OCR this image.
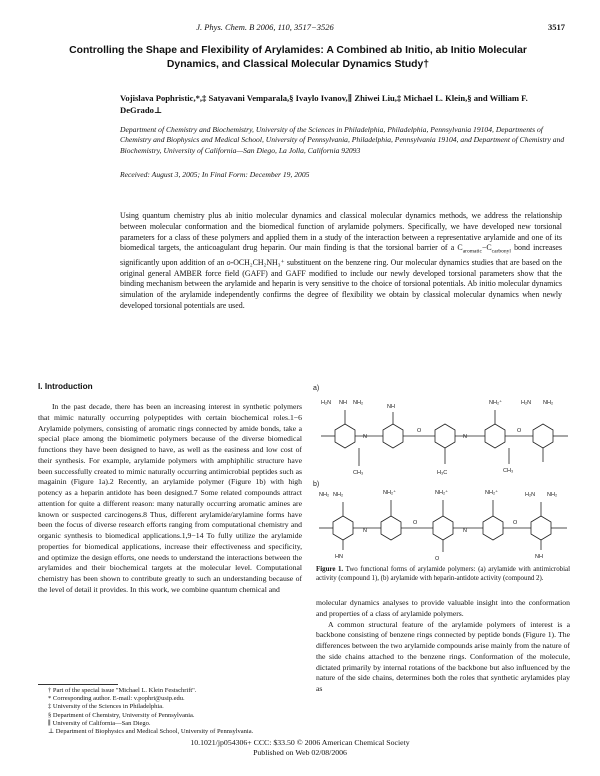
J. Phys. Chem. B 2006, 110, 3517−3526	3517
Controlling the Shape and Flexibility of Arylamides: A Combined ab Initio, ab Initio Molecular Dynamics, and Classical Molecular Dynamics Study†
Vojislava Pophristic,*,‡ Satyavani Vemparala,§ Ivaylo Ivanov,∥ Zhiwei Liu,‡ Michael L. Klein,§ and William F. DeGrado⊥
Department of Chemistry and Biochemistry, University of the Sciences in Philadelphia, Philadelphia, Pennsylvania 19104, Departments of Chemistry and Biophysics and Medical School, University of Pennsylvania, Philadelphia, Pennsylvania 19104, and Department of Chemistry and Biochemistry, University of California—San Diego, La Jolla, California 92093
Received: August 3, 2005; In Final Form: December 19, 2005
Using quantum chemistry plus ab initio molecular dynamics and classical molecular dynamics methods, we address the relationship between molecular conformation and the biomedical function of arylamide polymers. Specifically, we have developed new torsional parameters for a class of these polymers and applied them in a study of the interaction between a representative arylamide and one of its biomedical targets, the anticoagulant drug heparin. Our main finding is that the torsional barrier of a $C_{aromatic}-C_{carbonyl}$ bond increases significantly upon addition of an o-OCH₂CH₂NH₃⁺ substituent on the benzene ring. Our molecular dynamics studies that are based on the original general AMBER force field (GAFF) and GAFF modified to include our newly developed torsional parameters show that the binding mechanism between the arylamide and heparin is very sensitive to the choice of torsional potentials. Ab initio molecular dynamics simulation of the arylamide independently confirms the degree of flexibility we obtain by classical molecular dynamics when newly developed torsional potentials are used.
I. Introduction

In the past decade, there has been an increasing interest in synthetic polymers that mimic naturally occurring polypeptides with certain biochemical roles.1−6 Arylamide polymers, consisting of aromatic rings connected by amide bonds, take a special place among the biomimetic polymers because of the diverse biomedical functions they have been designed to have, as well as the easiness and low cost of their synthesis. For example, arylamide polymers with amphiphilic structure have been successfully created to mimic naturally occurring antimicrobial peptides such as magainin (Figure 1a).2 Recently, an arylamide polymer (Figure 1b) with high potency as a heparin antidote has been designed.7 Some related compounds attract attention for quite a different reason: many naturally occurring aromatic amines are known or suspected carcinogens.8 Thus, different arylamide/arylamine forms have been the focus of diverse research efforts ranging from computational chemistry and organic synthesis to biomedical applications.1,9−14 To fully utilize the arylamide properties for biomedical applications, increase their effectiveness and specificity, and optimize the design efforts, one needs to understand the interactions between the arylamides and their biochemical targets at the molecular level. Computational chemistry has been shown to contribute greatly to such an understanding because of the level of detail it provides. In this work, we combine quantum chemical and

a)
H₂N NH NH₂
NH
NH₂⁺	H₂N NH₂
N
O
N
O
H₃C
CH₃	CH₃
b)
NH₂ NH₂	NH₂⁺	NH₂⁺	NH₂⁺	H₂N NH₂
N
O
N
O
HN	O	NH
Figure 1. Two functional forms of arylamide polymers: (a) arylamide with antimicrobial activity (compound 1), (b) arylamide with heparin-antidote activity (compound 2).

molecular dynamics analyses to provide valuable insight into the conformation and properties of a class of arylamide polymers.

A common structural feature of the arylamide polymers of interest is a backbone consisting of benzene rings connected by peptide bonds (Figure 1). The differences between the two arylamide compounds arise mainly from the nature of the side chains attached to the benzene rings. Conformation of the molecule, dictated primarily by internal rotations of the backbone but also influenced by the nature of the side chains, determines both the roles that synthetic arylamides play as

† Part of the special issue "Michael L. Klein Festschrift".
* Corresponding author. E-mail: v.pophri@usip.edu.
‡ University of the Sciences in Philadelphia.
§ Department of Chemistry, University of Pennsylvania.
∥ University of California—San Diego.
⊥ Department of Biophysics and Medical School, University of Pennsylvania.
10.1021/jp054306+ CCC: $33.50 © 2006 American Chemical Society
Published on Web 02/08/2006
